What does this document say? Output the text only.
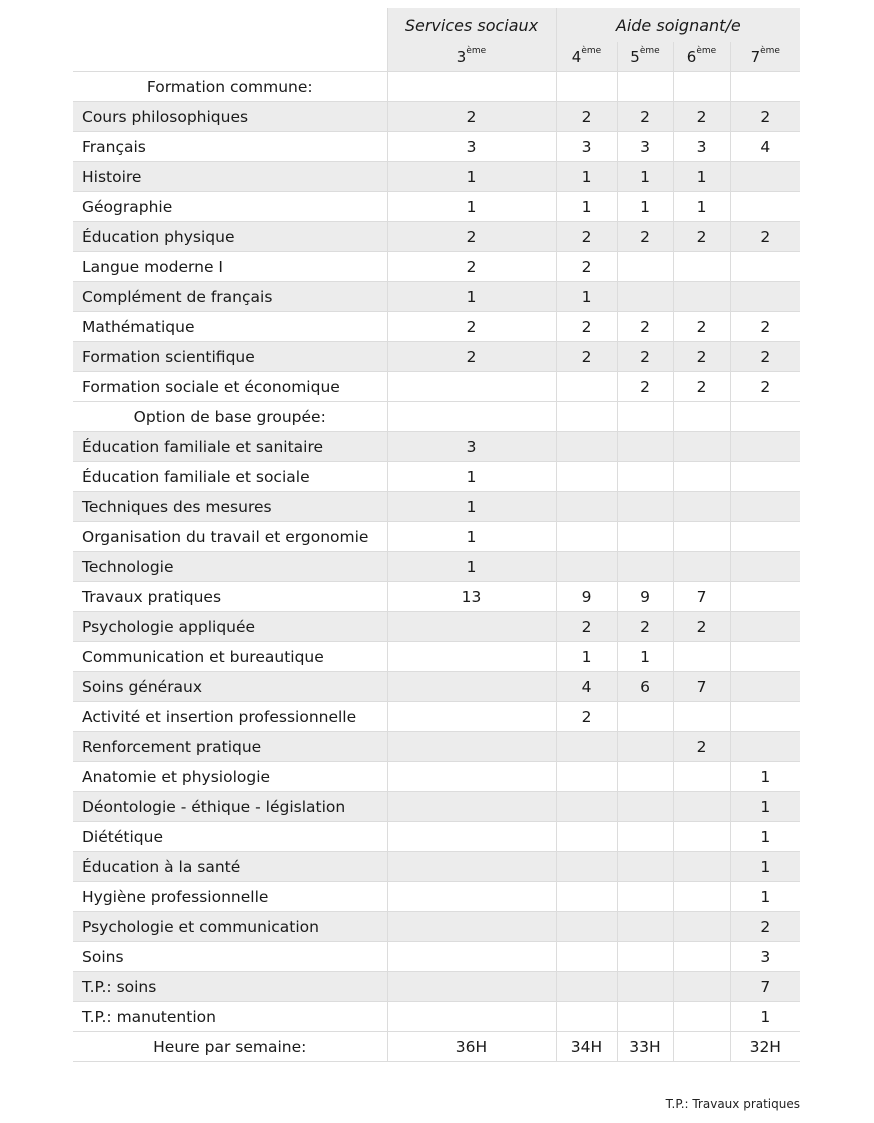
	Services sociaux	Aide soignant/e			
	3ème	4ème	5ème	6ème	7ème
Formation commune:					
Cours philosophiques	2	2	2	2	2
Français	3	3	3	3	4
Histoire	1	1	1	1	
Géographie	1	1	1	1	
Éducation physique	2	2	2	2	2
Langue moderne I	2	2			
Complément de français	1	1			
Mathématique	2	2	2	2	2
Formation scientifique	2	2	2	2	2
Formation sociale et économique			2	2	2
Option de base groupée:					
Éducation familiale et sanitaire	3				
Éducation familiale et sociale	1				
Techniques des mesures	1				
Organisation du travail et ergonomie	1				
Technologie	1				
Travaux pratiques	13	9	9	7	
Psychologie appliquée		2	2	2	
Communication et bureautique		1	1		
Soins généraux		4	6	7	
Activité et insertion professionnelle		2			
Renforcement pratique				2	
Anatomie et physiologie					1
Déontologie - éthique - législation					1
Diététique					1
Éducation à la santé					1
Hygiène professionnelle					1
Psychologie et communication					2
Soins					3
T.P.: soins					7
T.P.: manutention					1
Heure par semaine:	36H	34H	33H		32H
T.P.: Travaux pratiques
